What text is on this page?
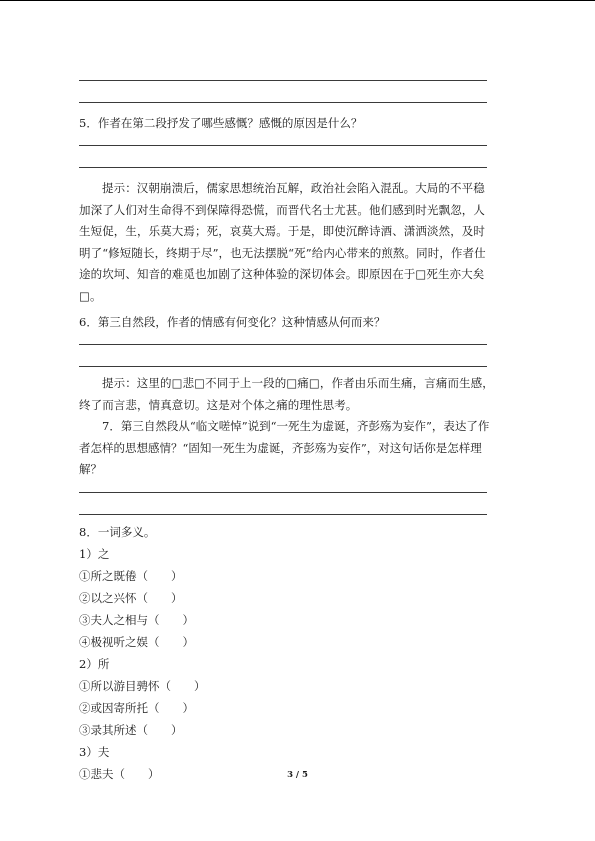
5．作者在第二段抒发了哪些感慨？感慨的原因是什么？
提示：汉朝崩溃后，儒家思想统治瓦解，政治社会陷入混乱。大局的不平稳加深了人们对生命得不到保障得恐慌，而晋代名士尤甚。他们感到时光飘忽，人生短促，生，乐莫大焉；死，哀莫大焉。于是，即使沉醉诗酒、潇洒淡然，及时明了“修短随长，终期于尽”，也无法摆脱“死”给内心带来的煎熬。同时，作者仕途的坎坷、知音的难觅也加剧了这种体验的深切体会。即原因在于□死生亦大矣□。
6．第三自然段，作者的情感有何变化？这种情感从何而来？
提示：这里的□悲□不同于上一段的□痛□，作者由乐而生痛，言痛而生感，终了而言悲，情真意切。这是对个体之痛的理性思考。
7．第三自然段从“临文嗟悼”说到“一死生为虚诞，齐彭殇为妄作”，表达了作者怎样的思想感情？“固知一死生为虚诞，齐彭殇为妄作”，对这句话你是怎样理解？
8．一词多义。
1）之
①所之既倦（　　）
②以之兴怀（　　）
③夫人之相与（　　）
④极视听之娱（　　）
2）所
①所以游目骋怀（　　）
②或因寄所托（　　）
③录其所述（　　）
3）夫
①悲夫（　　）	3 / 5
